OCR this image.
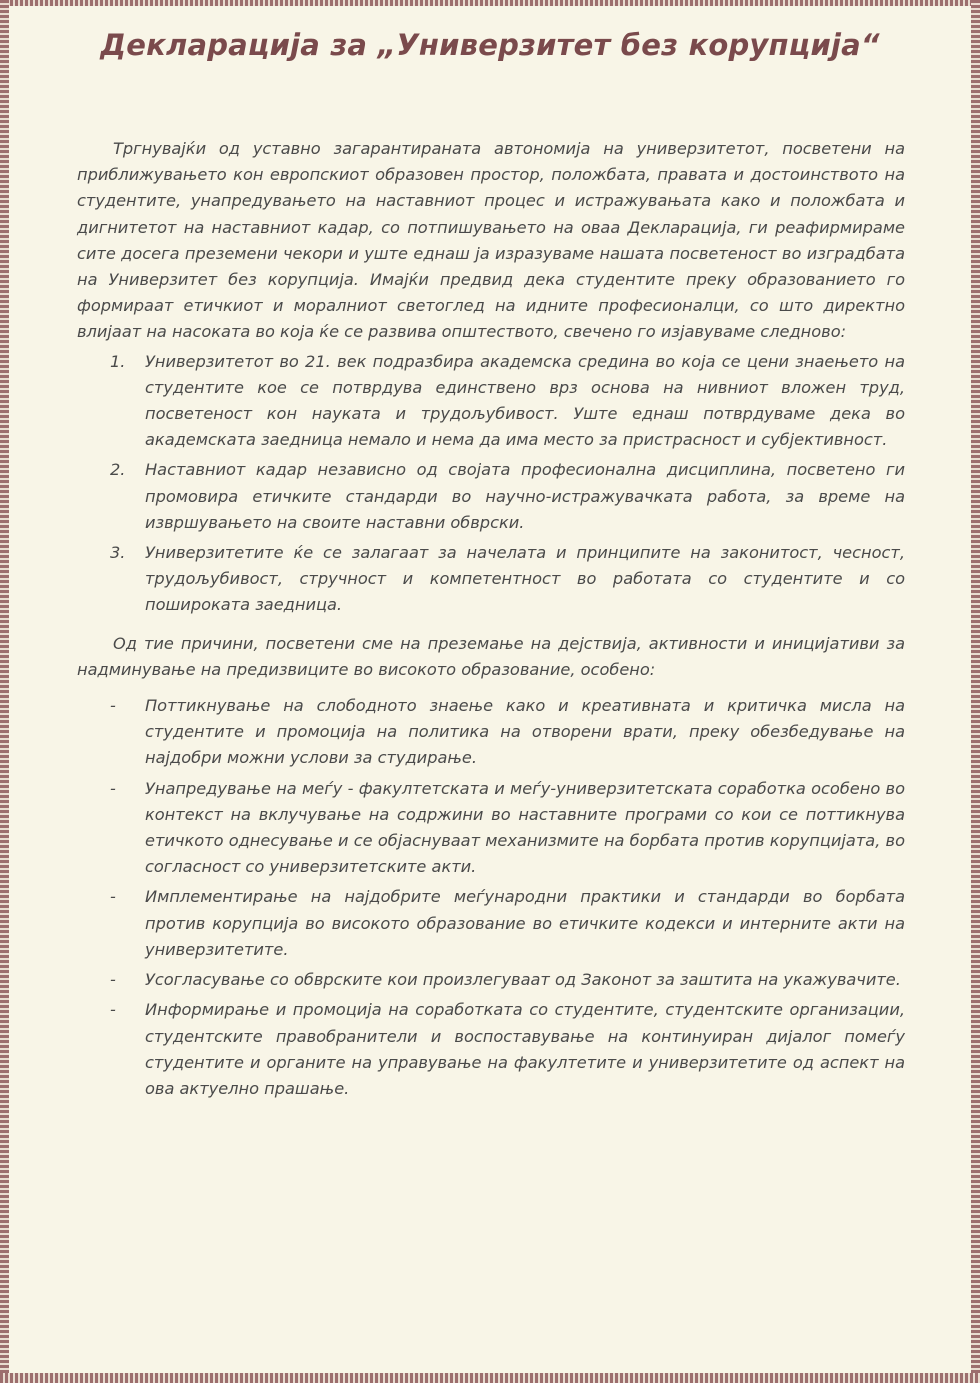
Декларација за „Универзитет без корупција“

Тргнувајќи од уставно загарантираната автономија на универзитетот, посветени на приближувањето кон европскиот образовен простор, положбата, правата и достоинството на студентите, унапредувањето на наставниот процес и истражувањата како и положбата и дигнитетот на наставниот кадар, со потпишувањето на оваа Декларација, ги реафирмираме сите досега преземени чекори и уште еднаш ја изразуваме нашата посветеност во изградбата на Универзитет без корупција. Имајќи предвид дека студентите преку образованието го формираат етичкиот и моралниот светоглед на идните професионалци, со што директно влијаат на насоката во која ќе се развива општеството, свечено го изјавуваме следново:

1. Универзитетот во 21. век подразбира академска средина во која се цени знаењето на студентите кое се потврдува единствено врз основа на нивниот вложен труд, посветеност кон науката и трудољубивост. Уште еднаш потврдуваме дека во академската заедница немало и нема да има место за пристрасност и субјективност.
2. Наставниот кадар независно од својата професионална дисциплина, посветено ги промовира етичките стандарди во научно-истражувачката работа, за време на извршувањето на своите наставни обврски.
3. Универзитетите ќе се залагаат за начелата и принципите на законитост, чесност, трудољубивост, стручност и компетентност во работата со студентите и со пошироката заедница.

Од тие причини, посветени сме на преземање на дејствија, активности и иницијативи за надминување на предизвиците во високото образование, особено:

- Поттикнување на слободното знаење како и креативната и критичка мисла на студентите и промоција на политика на отворени врати, преку обезбедување на најдобри можни услови за студирање.
- Унапредување на меѓу - факултетската и меѓу-универзитетската соработка особено во контекст на вклучување на содржини во наставните програми со кои се поттикнува етичкото однесување и се објаснуваат механизмите на борбата против корупцијата, во согласност со универзитетските акти.
- Имплементирање на најдобрите меѓународни практики и стандарди во борбата против корупција во високото образование во етичките кодекси и интерните акти на универзитетите.
- Усогласување со обврските кои произлегуваат од Законот за заштита на укажувачите.
- Информирање и промоција на соработката со студентите, студентските организации, студентските правобранители и воспоставување на континуиран дијалог помеѓу студентите и органите на управување на факултетите и универзитетите од аспект на ова актуелно прашање.
